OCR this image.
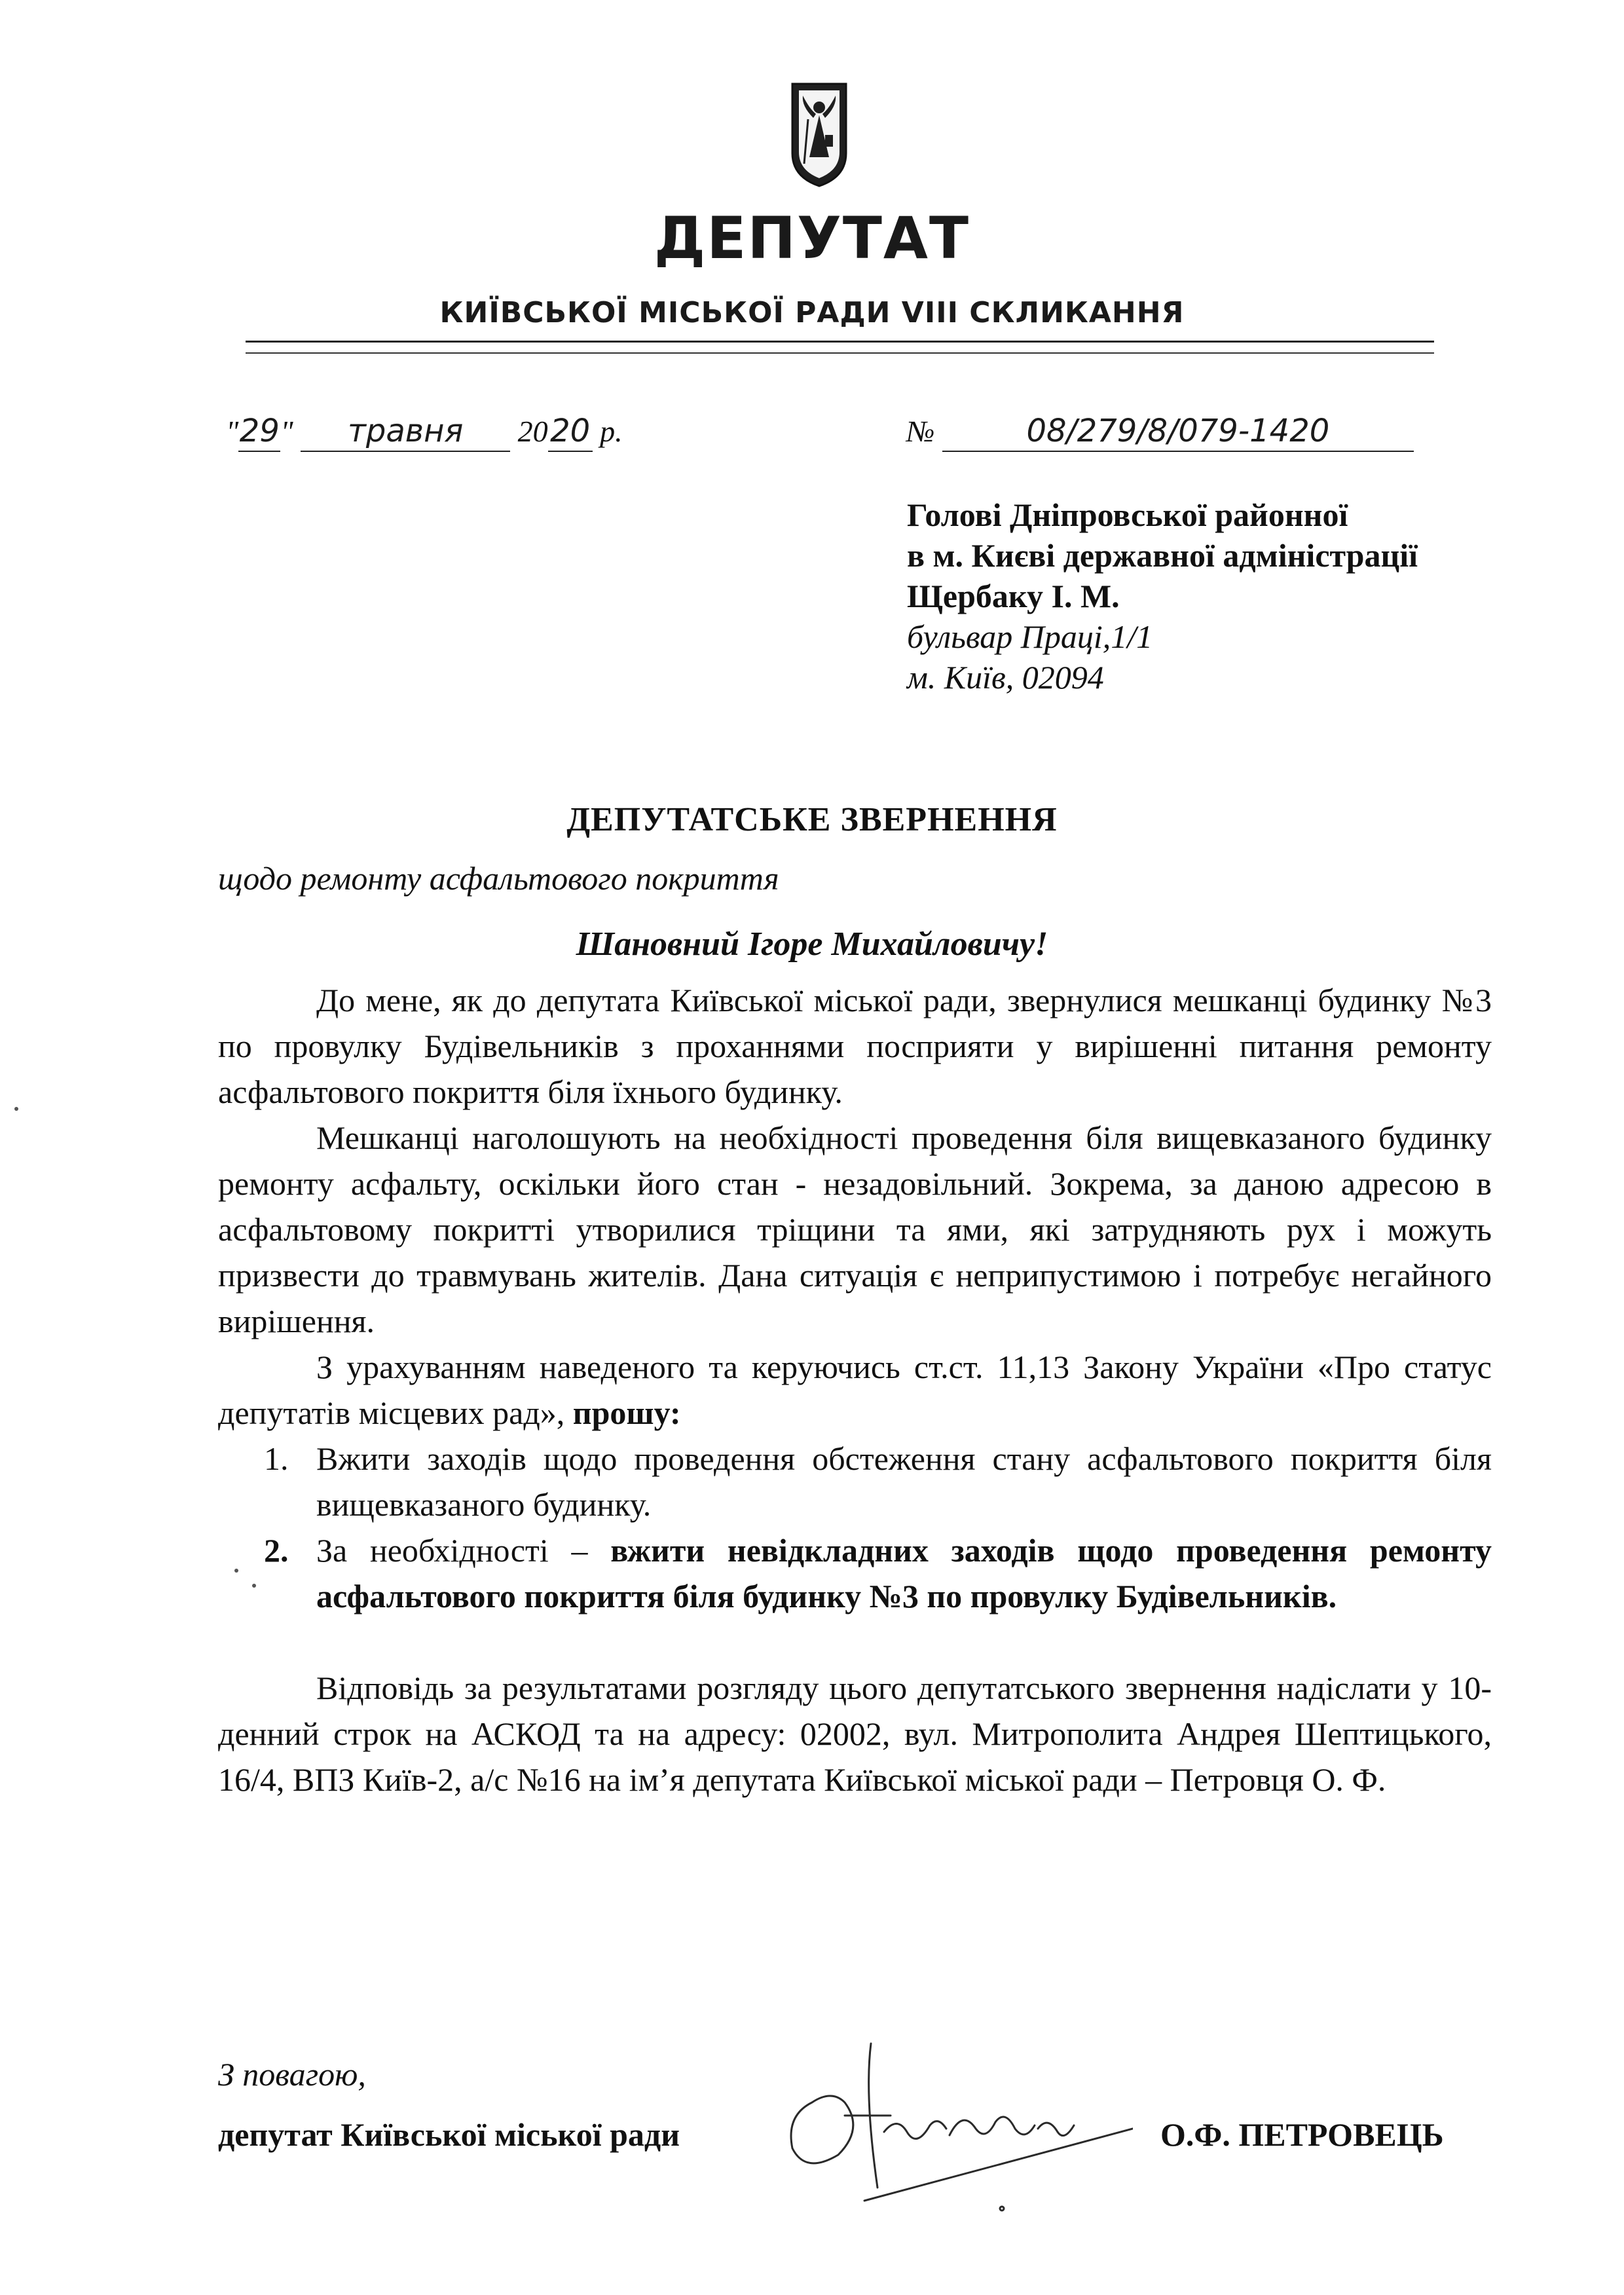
ДЕПУТАТ
КИЇВСЬКОЇ МІСЬКОЇ РАДИ VIII СКЛИКАННЯ
"29" травня 2020 р.	№	08/279/8/079-1420
Голові Дніпровської районної
в м. Києві державної адміністрації
Щербаку І. М.
бульвар Праці,1/1
м. Київ, 02094
ДЕПУТАТСЬКЕ ЗВЕРНЕННЯ
щодо ремонту асфальтового покриття
Шановний Ігоре Михайловичу!

До мене, як до депутата Київської міської ради, звернулися мешканці будинку №3 по провулку Будівельників з проханнями посприяти у вирішенні питання ремонту асфальтового покриття біля їхнього будинку.

Мешканці наголошують на необхідності проведення біля вищевказаного будинку ремонту асфальту, оскільки його стан - незадовільний. Зокрема, за даною адресою в асфальтовому покритті утворилися тріщини та ями, які затрудняють рух і можуть призвести до травмувань жителів. Дана ситуація є неприпустимою і потребує негайного вирішення.

З урахуванням наведеного та керуючись ст.ст. 11,13 Закону України «Про статус депутатів місцевих рад», прошу:

1. Вжити заходів щодо проведення обстеження стану асфальтового покриття біля вищевказаного будинку.
2. За необхідності – вжити невідкладних заходів щодо проведення ремонту асфальтового покриття біля будинку №3 по провулку Будівельників.

Відповідь за результатами розгляду цього депутатського звернення надіслати у 10-денний строк на АСКОД та на адресу: 02002, вул. Митрополита Андрея Шептицького, 16/4, ВПЗ Київ-2, а/с №16 на ім’я депутата Київської міської ради – Петровця О. Ф.

З повагою,
депутат Київської міської ради	О.Ф. ПЕТРОВЕЦЬ
